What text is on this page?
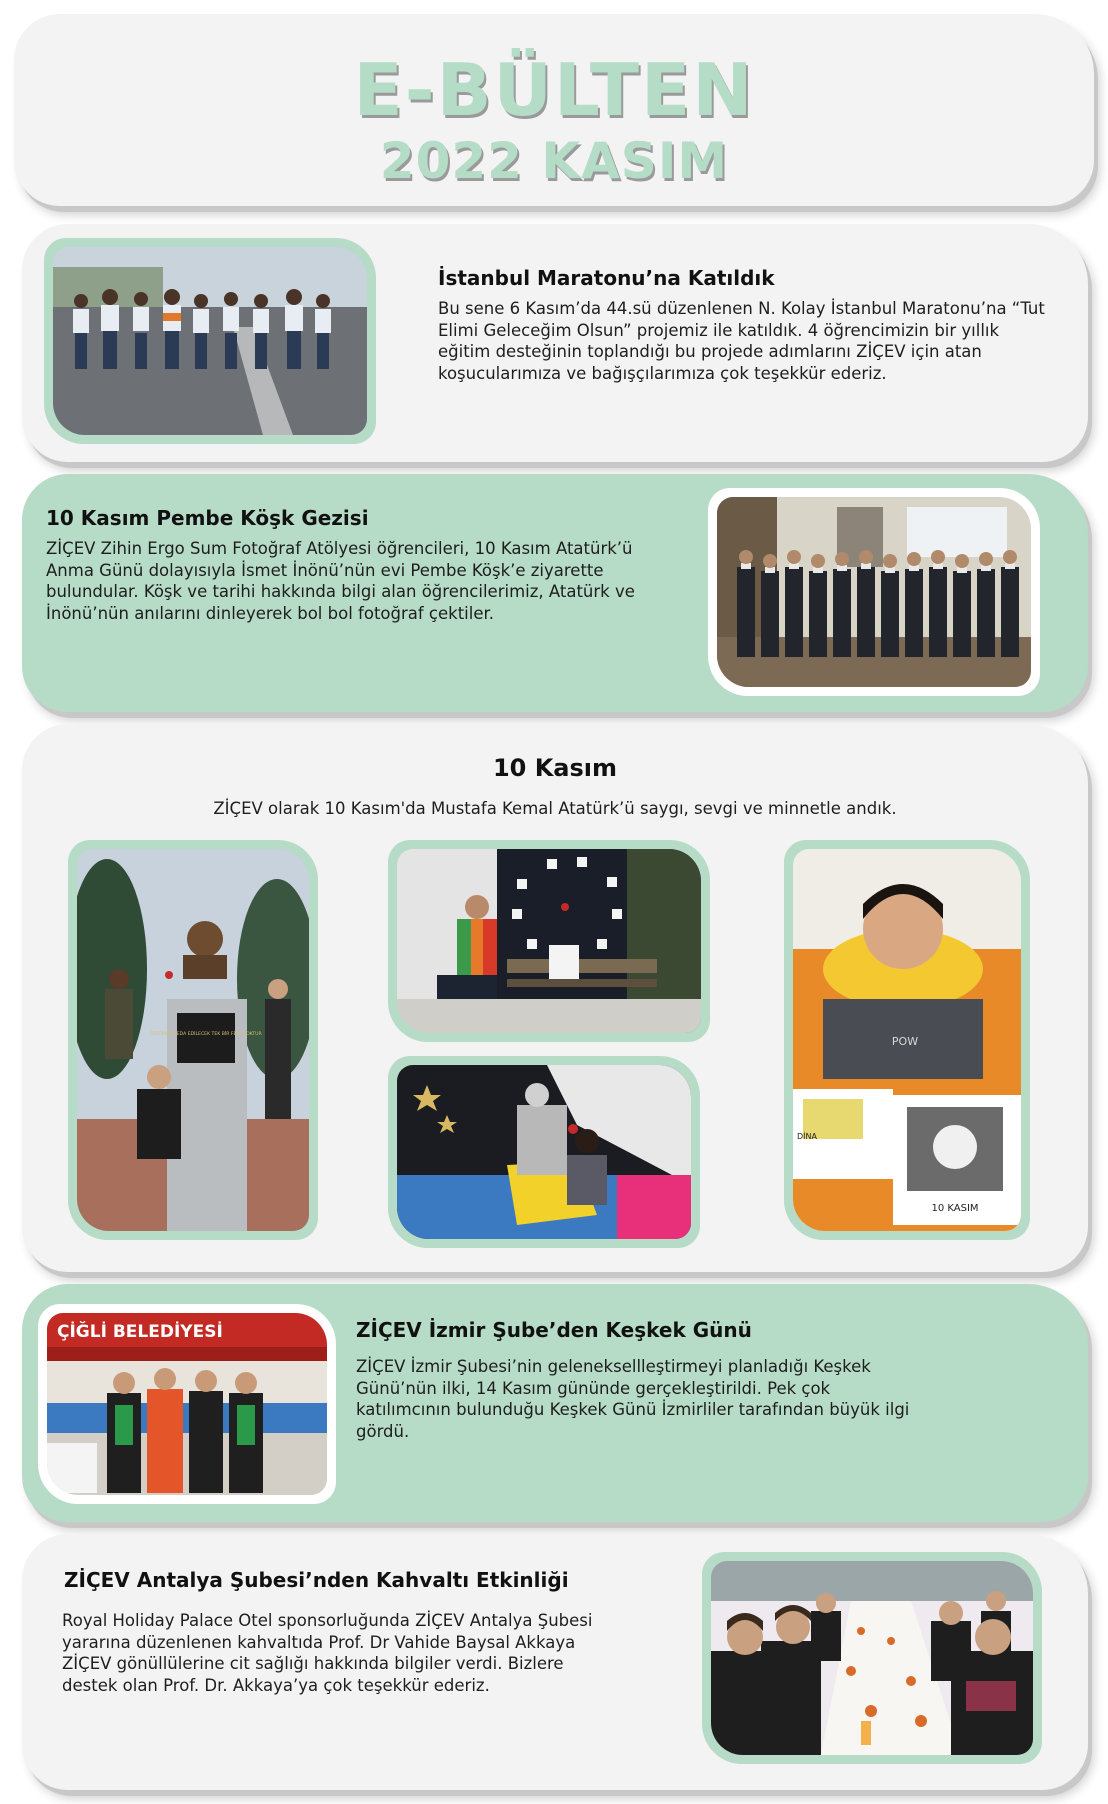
E-BÜLTEN
2022 KASIM
İstanbul Maratonu’na Katıldık
Bu sene 6 Kasım’da 44.sü düzenlenen N. Kolay İstanbul Maratonu’na “Tut Elimi Geleceğim Olsun” projemiz ile katıldık. 4 öğrencimizin bir yıllık eğitim desteğinin toplandığı bu projede adımlarını ZİÇEV için atan koşucularımıza ve bağışçılarımıza çok teşekkür ederiz.
10 Kasım Pembe Köşk Gezisi
ZİÇEV Zihin Ergo Sum Fotoğraf Atölyesi öğrencileri, 10 Kasım Atatürk’ü Anma Günü dolayısıyla İsmet İnönü’nün evi Pembe Köşk’e ziyarette bulundular. Köşk ve tarihi hakkında bilgi alan öğrencilerimiz, Atatürk ve İnönü’nün anılarını dinleyerek bol bol fotoğraf çektiler.
10 Kasım
ZİÇEV olarak 10 Kasım'da Mustafa Kemal Atatürk’ü saygı, sevgi ve minnetle andık.
EĞİTİMDE FEDA EDİLECEK TEK BİR FERT YOKTUR
POW
DİNA
10 KASIM
ÇİĞLİ BELEDİYESİ	ZİÇEV İzmir Şube’den Keşkek Günü
ZİÇEV İzmir Şubesi’nin geleneksellleştirmeyi planladığı Keşkek Günü’nün ilki, 14 Kasım gününde gerçekleştirildi. Pek çok katılımcının bulunduğu Keşkek Günü İzmirliler tarafından büyük ilgi gördü.
ZİÇEV Antalya Şubesi’nden Kahvaltı Etkinliği
Royal Holiday Palace Otel sponsorluğunda ZİÇEV Antalya Şubesi yararına düzenlenen kahvaltıda Prof. Dr Vahide Baysal Akkaya ZİÇEV gönüllülerine cit sağlığı hakkında bilgiler verdi. Bizlere destek olan Prof. Dr. Akkaya’ya çok teşekkür ederiz.
